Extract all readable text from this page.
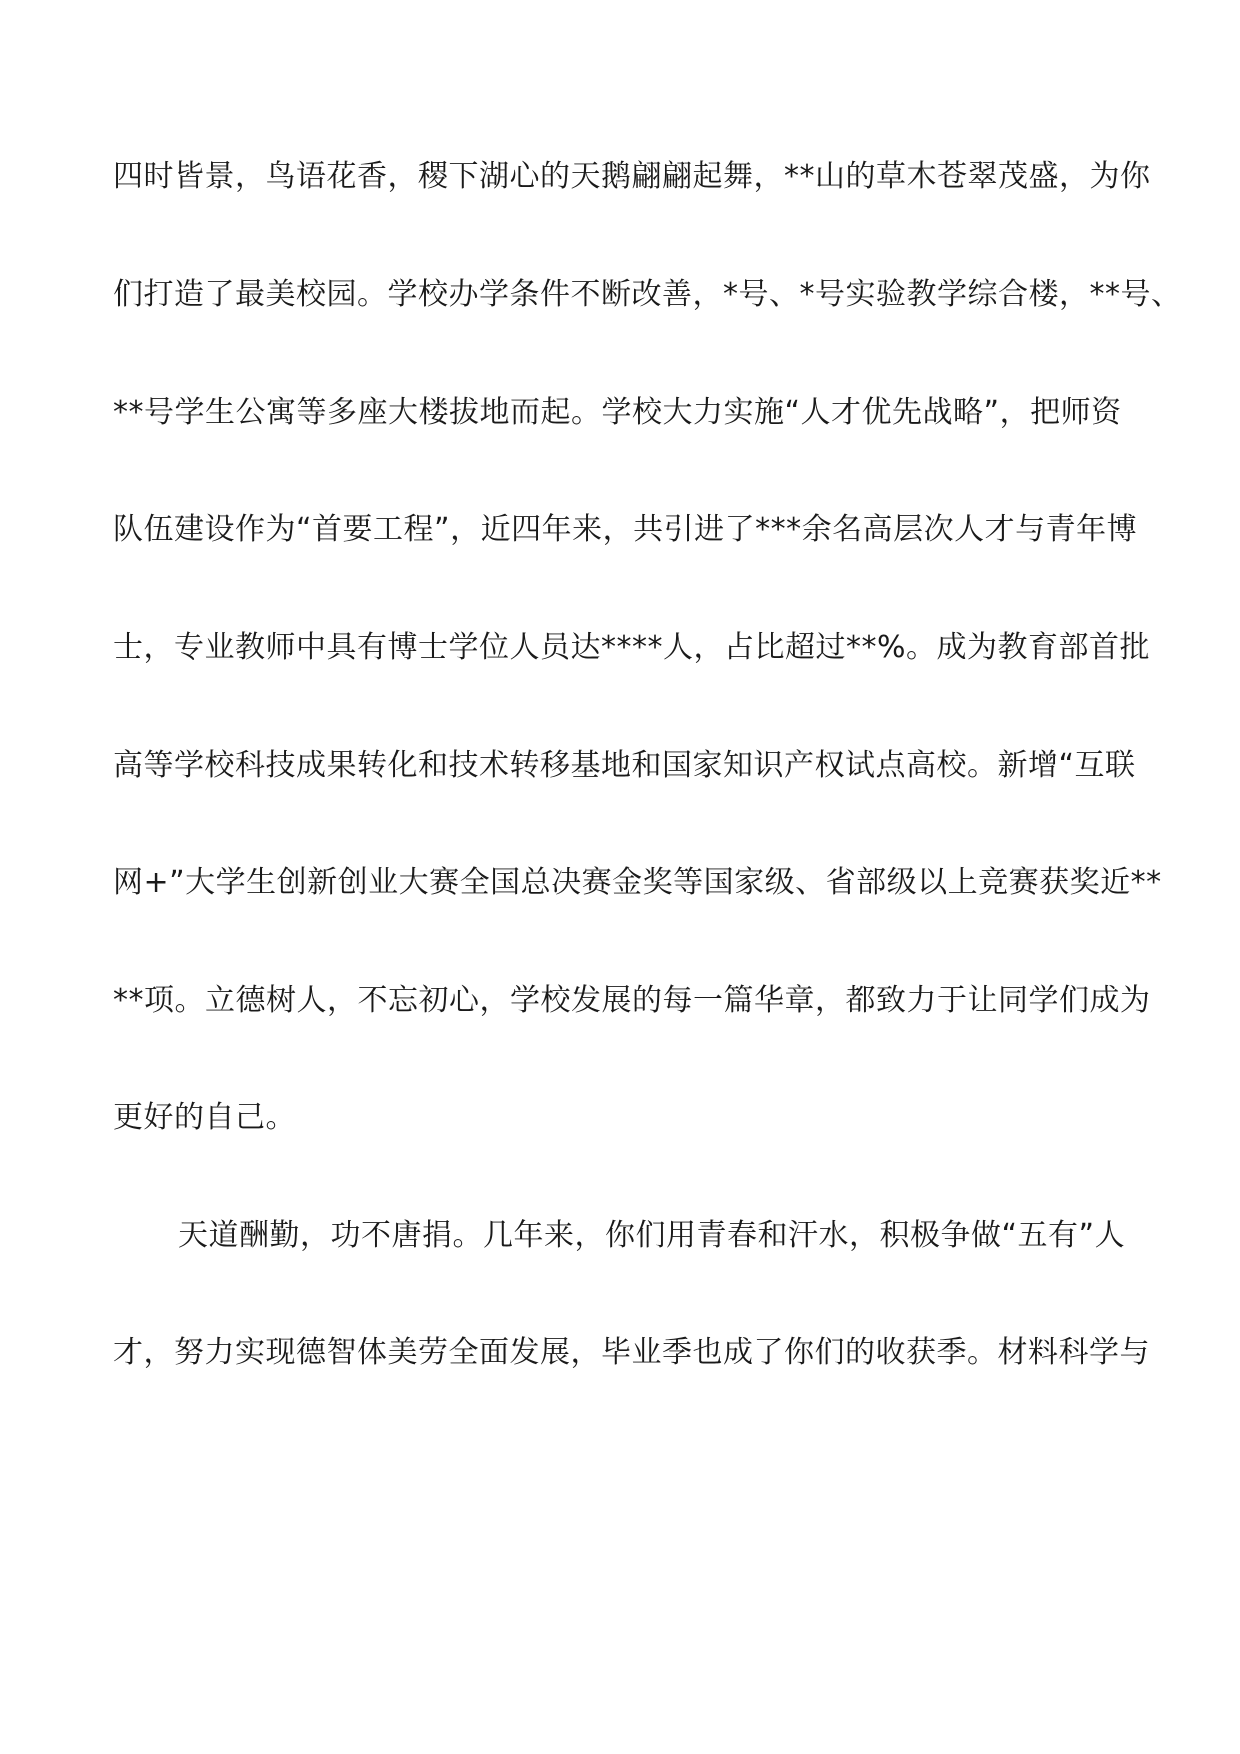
四时皆景，鸟语花香，稷下湖心的天鹅翩翩起舞，**山的草木苍翠茂盛，为你
们打造了最美校园。学校办学条件不断改善，*号、*号实验教学综合楼，**号、
**号学生公寓等多座大楼拔地而起。学校大力实施“人才优先战略”，把师资
队伍建设作为“首要工程”，近四年来，共引进了***余名高层次人才与青年博
士，专业教师中具有博士学位人员达****人，占比超过**%。成为教育部首批
高等学校科技成果转化和技术转移基地和国家知识产权试点高校。新增“互联
网+”大学生创新创业大赛全国总决赛金奖等国家级、省部级以上竞赛获奖近**
**项。立德树人，不忘初心，学校发展的每一篇华章，都致力于让同学们成为
更好的自己。
天道酬勤，功不唐捐。几年来，你们用青春和汗水，积极争做“五有”人
才，努力实现德智体美劳全面发展，毕业季也成了你们的收获季。材料科学与
